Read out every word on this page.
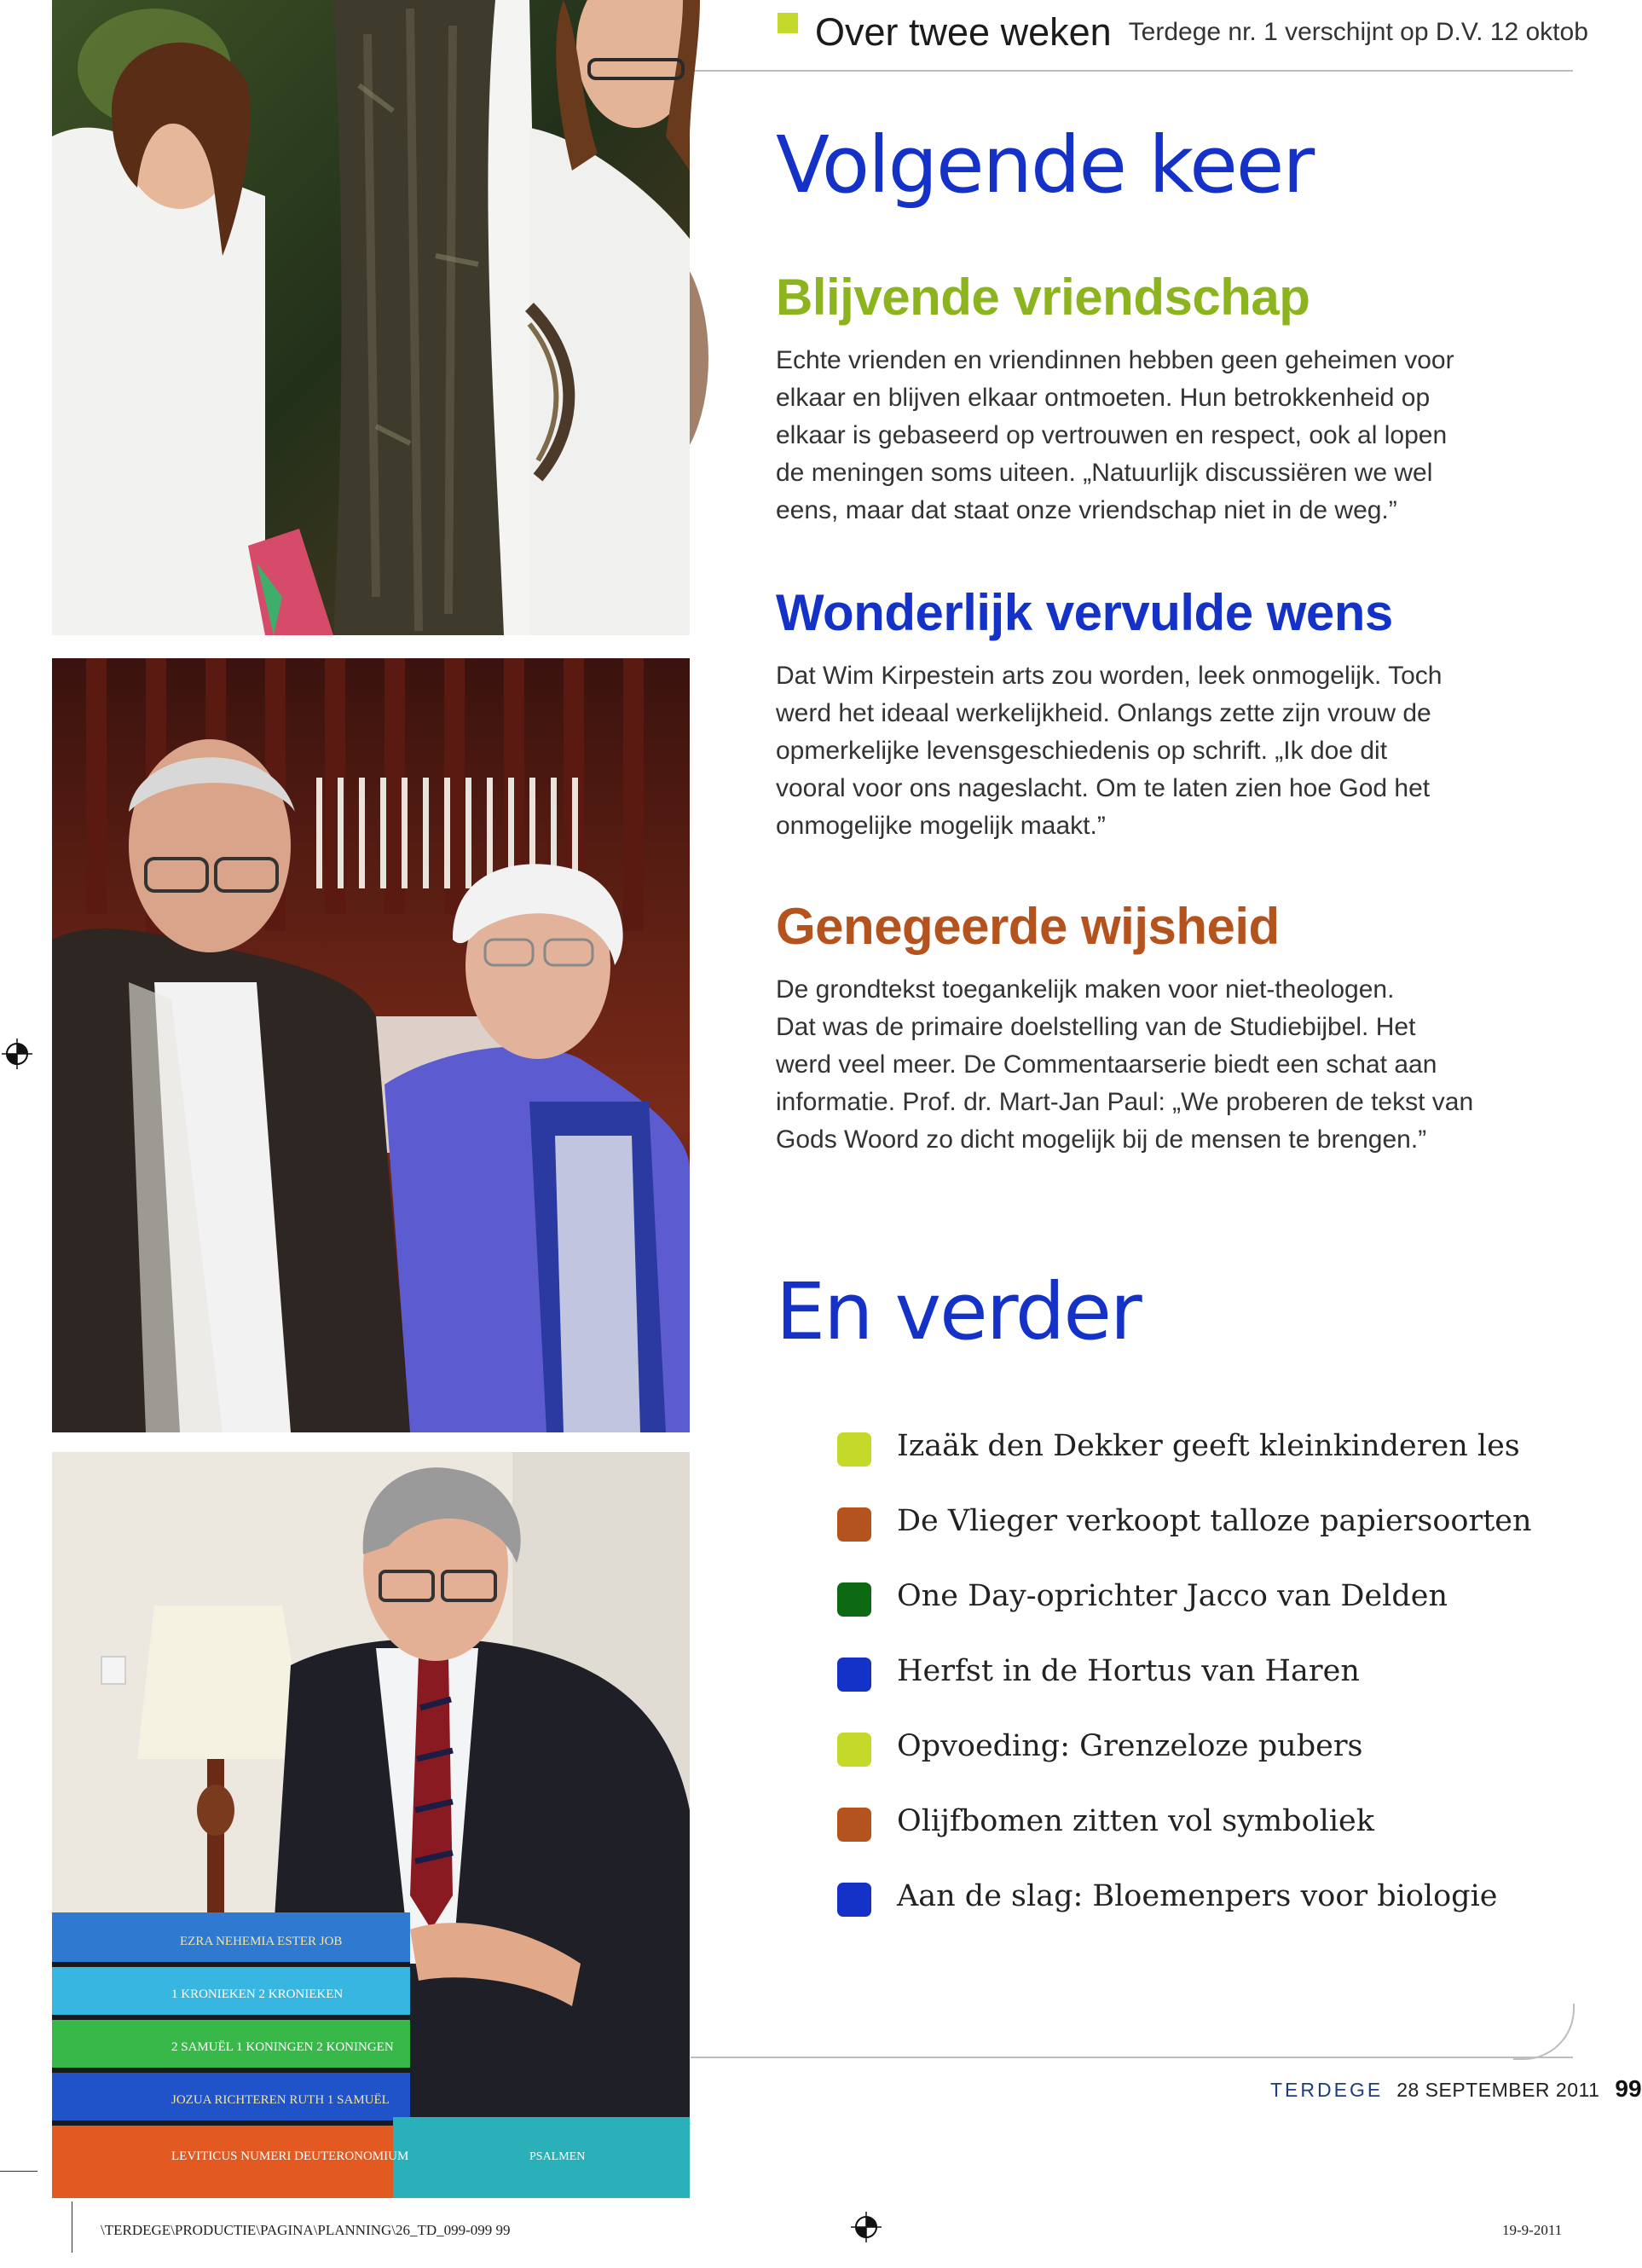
Over twee weken Terdege nr. 1 verschijnt op D.V. 12 oktob
EZRA NEHEMIA ESTER JOB
1 KRONIEKEN 2 KRONIEKEN
2 SAMUËL 1 KONINGEN 2 KONINGEN
JOZUA RICHTEREN RUTH 1 SAMUËL
LEVITICUS NUMERI DEUTERONOMIUM	PSALMEN
Volgende keer
Blijvende vriendschap

Echte vrienden en vriendinnen hebben geen geheimen voor
elkaar en blijven elkaar ontmoeten. Hun betrokkenheid op
elkaar is gebaseerd op vertrouwen en respect, ook al lopen
de meningen soms uiteen. „Natuurlijk discussiëren we wel
eens, maar dat staat onze vriendschap niet in de weg.”

Wonderlijk vervulde wens

Dat Wim Kirpestein arts zou worden, leek onmogelijk. Toch
werd het ideaal werkelijkheid. Onlangs zette zijn vrouw de
opmerkelijke levensgeschiedenis op schrift. „Ik doe dit
vooral voor ons nageslacht. Om te laten zien hoe God het
onmogelijke mogelijk maakt.”

Genegeerde wijsheid

De grondtekst toegankelijk maken voor niet-theologen.
Dat was de primaire doelstelling van de Studiebijbel. Het
werd veel meer. De Commentaarserie biedt een schat aan
informatie. Prof. dr. Mart-Jan Paul: „We proberen de tekst van
Gods Woord zo dicht mogelijk bij de mensen te brengen.”

En verder
Izaäk den Dekker geeft kleinkinderen les
De Vlieger verkoopt talloze papiersoorten
One Day-oprichter Jacco van Delden
Herfst in de Hortus van Haren
Opvoeding: Grenzeloze pubers
Olijfbomen zitten vol symboliek
Aan de slag: Bloemenpers voor biologie
TERDEGE 28 SEPTEMBER 2011 99
\TERDEGE\PRODUCTIE\PAGINA\PLANNING\26_TD_099-099 99	19-9-2011
